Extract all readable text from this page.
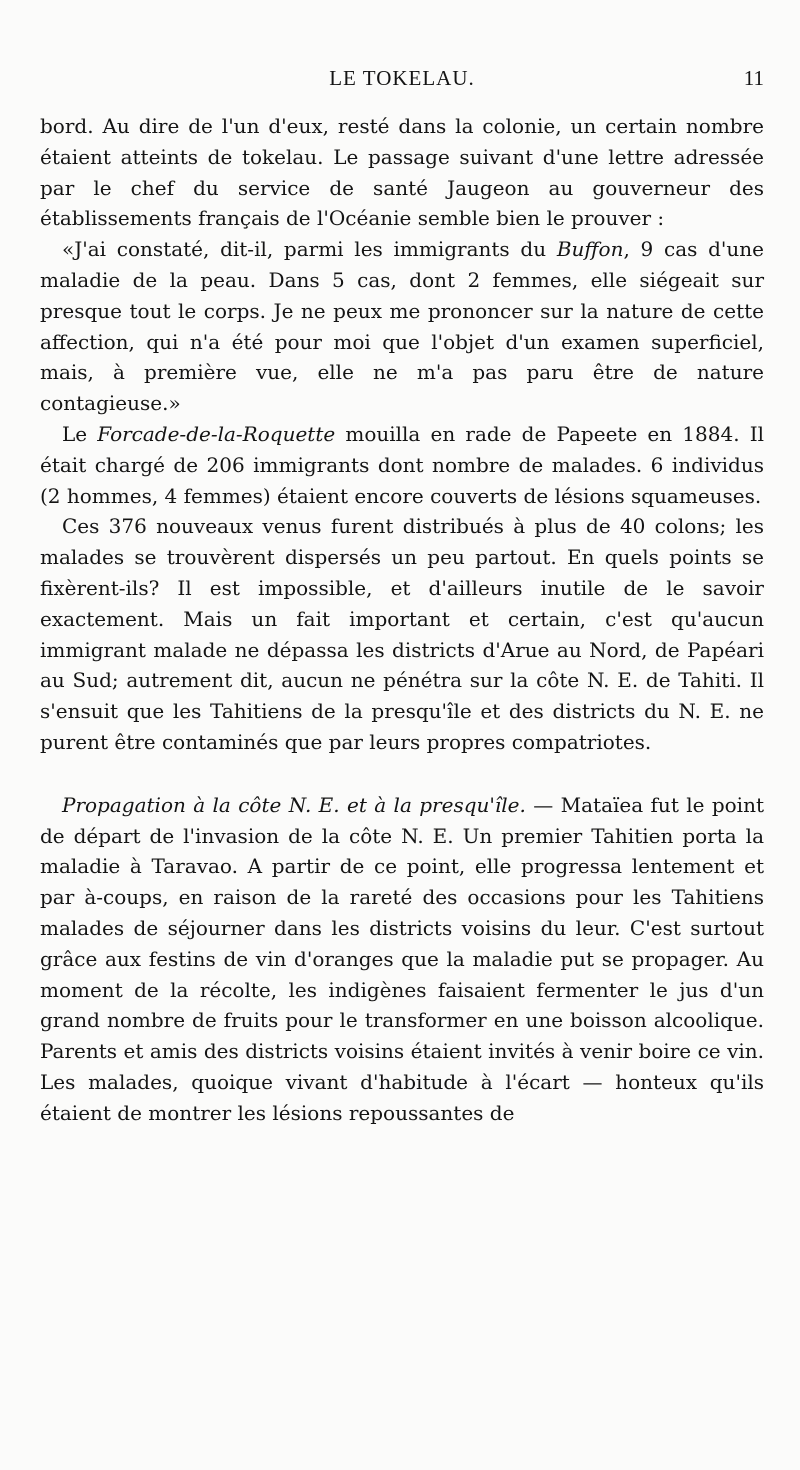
LE TOKELAU.	11

bord. Au dire de l'un d'eux, resté dans la colonie, un certain nombre étaient atteints de tokelau. Le passage suivant d'une lettre adressée par le chef du service de santé Jaugeon au gouverneur des établissements français de l'Océanie semble bien le prouver :

«J'ai constaté, dit-il, parmi les immigrants du Buffon, 9 cas d'une maladie de la peau. Dans 5 cas, dont 2 femmes, elle siégeait sur presque tout le corps. Je ne peux me prononcer sur la nature de cette affection, qui n'a été pour moi que l'objet d'un examen superficiel, mais, à première vue, elle ne m'a pas paru être de nature contagieuse.»

Le Forcade-de-la-Roquette mouilla en rade de Papeete en 1884. Il était chargé de 206 immigrants dont nombre de malades. 6 individus (2 hommes, 4 femmes) étaient encore couverts de lésions squameuses.

Ces 376 nouveaux venus furent distribués à plus de 40 colons; les malades se trouvèrent dispersés un peu partout. En quels points se fixèrent-ils? Il est impossible, et d'ailleurs inutile de le savoir exactement. Mais un fait important et certain, c'est qu'aucun immigrant malade ne dépassa les districts d'Arue au Nord, de Papéari au Sud; autrement dit, aucun ne pénétra sur la côte N. E. de Tahiti. Il s'ensuit que les Tahitiens de la presqu'île et des districts du N. E. ne purent être contaminés que par leurs propres compatriotes.

Propagation à la côte N. E. et à la presqu'île. — Mataïea fut le point de départ de l'invasion de la côte N. E. Un premier Tahitien porta la maladie à Taravao. A partir de ce point, elle progressa lentement et par à-coups, en raison de la rareté des occasions pour les Tahitiens malades de séjourner dans les districts voisins du leur. C'est surtout grâce aux festins de vin d'oranges que la maladie put se propager. Au moment de la récolte, les indigènes faisaient fermenter le jus d'un grand nombre de fruits pour le transformer en une boisson alcoolique. Parents et amis des districts voisins étaient invités à venir boire ce vin. Les malades, quoique vivant d'habitude à l'écart — honteux qu'ils étaient de montrer les lésions repoussantes de
